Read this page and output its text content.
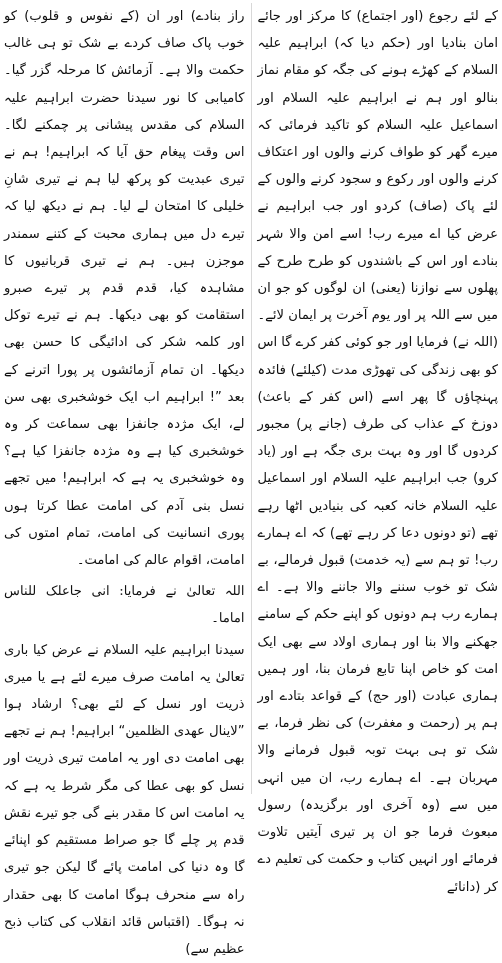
کے لئے رجوع (اور اجتماع) کا مرکز اور جائے امان بنادیا اور (حکم دیا کہ) ابراہیم علیہ السلام کے کھڑے ہونے کی جگہ کو مقام نماز بنالو اور ہم نے ابراہیم علیہ السلام اور اسماعیل علیہ السلام کو تاکید فرمائی کہ میرے گھر کو طواف کرنے والوں اور اعتکاف کرنے والوں اور رکوع و سجود کرنے والوں کے لئے پاک (صاف) کردو اور جب ابراہیم نے عرض کیا اے میرے رب! اسے امن والا شہر بنادے اور اس کے باشندوں کو طرح طرح کے پھلوں سے نوازنا (یعنی) ان لوگوں کو جو ان میں سے اللہ پر اور یوم آخرت پر ایمان لائے۔ (اللہ نے) فرمایا اور جو کوئی کفر کرے گا اس کو بھی زندگی کی تھوڑی مدت (کیلئے) فائدہ پہنچاؤں گا پھر اسے (اس کفر کے باعث) دوزخ کے عذاب کی طرف (جانے پر) مجبور کردوں گا اور وہ بہت بری جگہ ہے اور (یاد کرو) جب ابراہیم علیہ السلام اور اسماعیل علیہ السلام خانہ کعبہ کی بنیادیں اٹھا رہے تھے (تو دونوں دعا کر رہے تھے) کہ اے ہمارے رب! تو ہم سے (یہ خدمت) قبول فرمالے، بے شک تو خوب سننے والا جاننے والا ہے۔ اے ہمارے رب ہم دونوں کو اپنے حکم کے سامنے جھکنے والا بنا اور ہماری اولاد سے بھی ایک امت کو خاص اپنا تابع فرمان بنا، اور ہمیں ہماری عبادت (اور حج) کے قواعد بتادے اور ہم پر (رحمت و مغفرت) کی نظر فرما، بے شک تو ہی بہت توبہ قبول فرمانے والا مہربان ہے۔ اے ہمارے رب، ان میں انہی میں سے (وہ آخری اور برگزیدہ) رسول مبعوث فرما جو ان پر تیری آیتیں تلاوت فرمائے اور انہیں کتاب و حکمت کی تعلیم دے کر (دانائے

راز بنادے) اور ان (کے نفوس و قلوب) کو خوب پاک صاف کردے بے شک تو ہی غالب حکمت والا ہے۔ آزمائش کا مرحلہ گزر گیا۔ کامیابی کا نور سیدنا حضرت ابراہیم علیہ السلام کی مقدس پیشانی پر چمکنے لگا۔ اس وقت پیغام حق آیا کہ ابراہیم! ہم نے تیری عبدیت کو پرکھ لیا ہم نے تیری شانِ خلیلی کا امتحان لے لیا۔ ہم نے دیکھ لیا کہ تیرے دل میں ہماری محبت کے کتنے سمندر موجزن ہیں۔ ہم نے تیری قربانیوں کا مشاہدہ کیا، قدم قدم پر تیرے صبرو استقامت کو بھی دیکھا۔ ہم نے تیرے توکل اور کلمہ شکر کی ادائیگی کا حسن بھی دیکھا۔ ان تمام آزمائشوں پر پورا اترنے کے بعد ”! ابراہیم اب ایک خوشخبری بھی سن لے، ایک مژدہ جانفزا بھی سماعت کر وہ خوشخبری کیا ہے وہ مژدہ جانفزا کیا ہے؟ وہ خوشخبری یہ ہے کہ ابراہیم! میں تجھے نسل بنی آدم کی امامت عطا کرتا ہوں پوری انسانیت کی امامت، تمام امتوں کی امامت، اقوام عالم کی امامت۔

اللہ تعالیٰ نے فرمایا: انی جاعلک للناس اماما۔

سیدنا ابراہیم علیہ السلام نے عرض کیا باری تعالیٰ یہ امامت صرف میرے لئے ہے یا میری ذریت اور نسل کے لئے بھی؟ ارشاد ہوا ”لاینال عھدی الظلمین“ ابراہیم! ہم نے تجھے بھی امامت دی اور یہ امامت تیری ذریت اور نسل کو بھی عطا کی مگر شرط یہ ہے کہ یہ امامت اس کا مقدر بنے گی جو تیرے نقش قدم پر چلے گا جو صراط مستقیم کو اپنائے گا وہ دنیا کی امامت پائے گا لیکن جو تیری راہ سے منحرف ہوگا امامت کا بھی حقدار نہ ہوگا۔ (اقتباس قائد انقلاب کی کتاب ذبح عظیم سے)
